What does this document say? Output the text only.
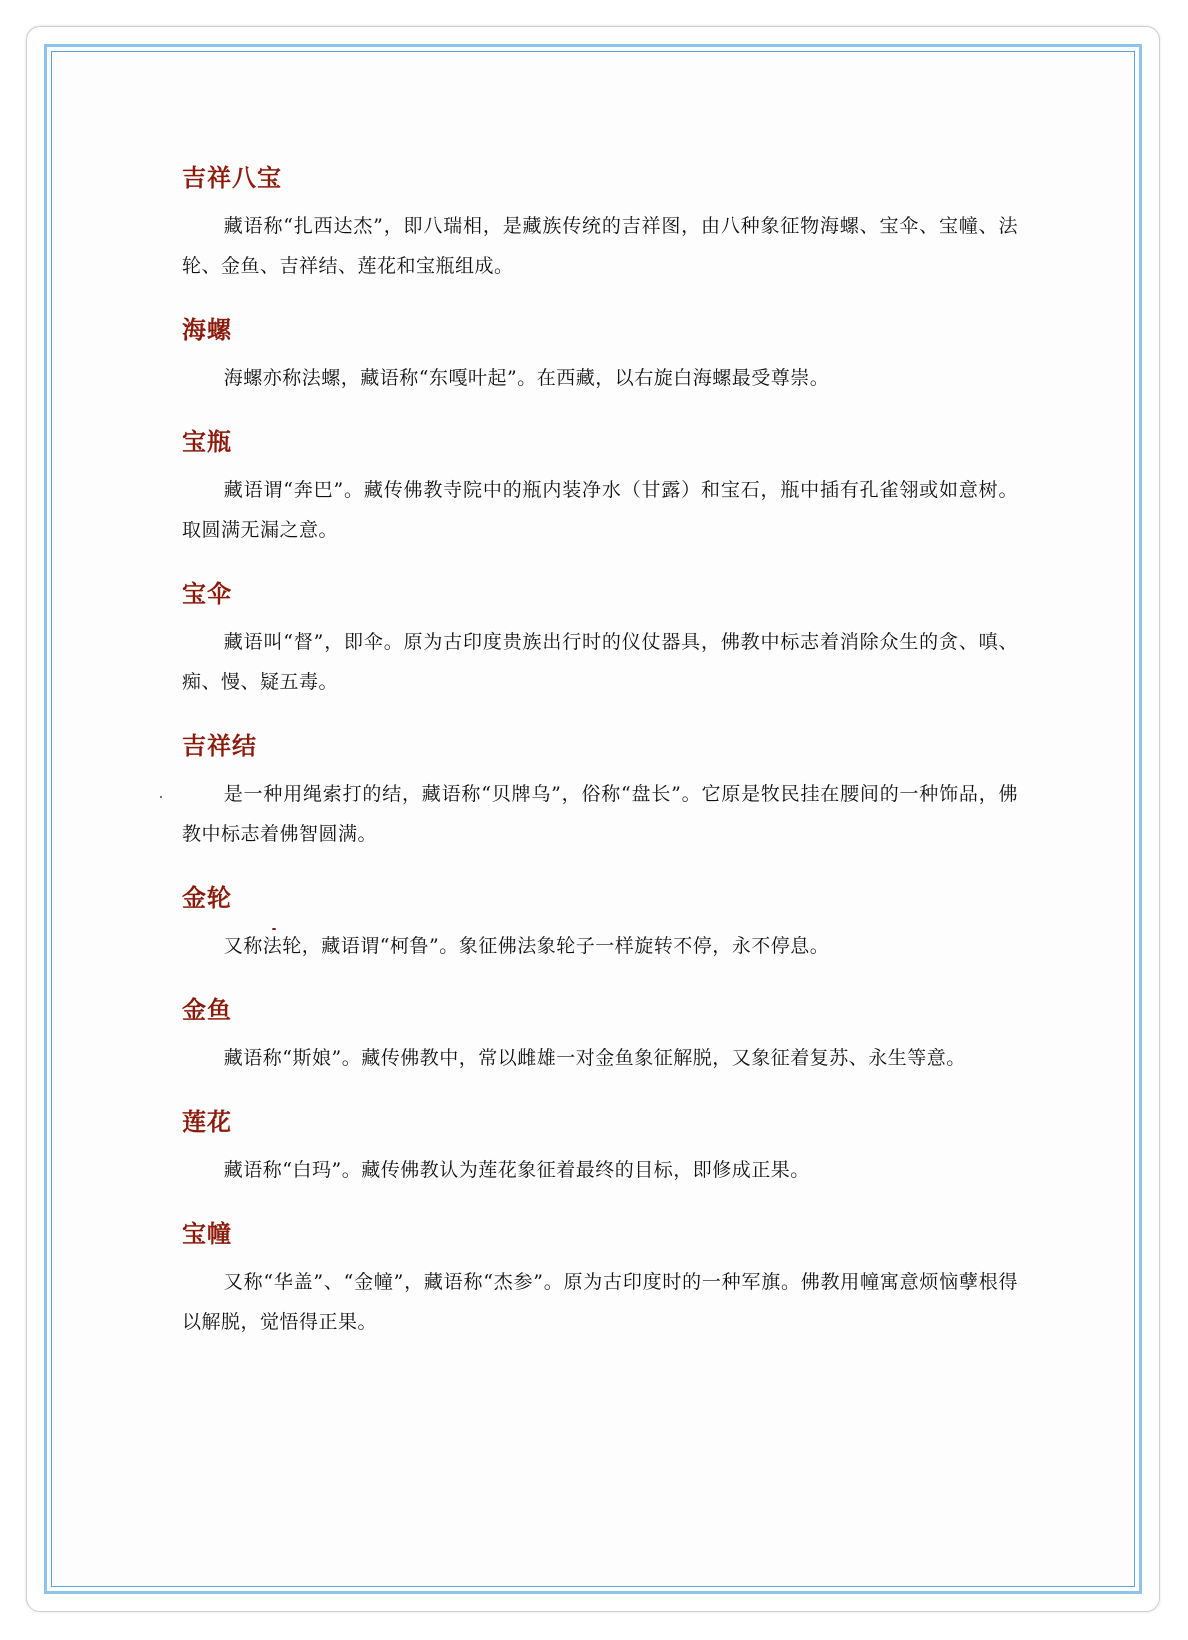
吉祥八宝

藏语称“扎西达杰”，即八瑞相，是藏族传统的吉祥图，由八种象征物海螺、宝伞、宝幢、法轮、金鱼、吉祥结、莲花和宝瓶组成。

海螺

海螺亦称法螺，藏语称“东嘎叶起”。在西藏，以右旋白海螺最受尊崇。

宝瓶

藏语谓“奔巴”。藏传佛教寺院中的瓶内装净水（甘露）和宝石，瓶中插有孔雀翎或如意树。取圆满无漏之意。

宝伞

藏语叫“督”，即伞。原为古印度贵族出行时的仪仗器具，佛教中标志着消除众生的贪、嗔、痴、慢、疑五毒。

吉祥结

是一种用绳索打的结，藏语称“贝牌乌”，俗称“盘长”。它原是牧民挂在腰间的一种饰品，佛教中标志着佛智圆满。

金轮

又称法轮，藏语谓“柯鲁”。象征佛法象轮子一样旋转不停，永不停息。

金鱼

藏语称“斯娘”。藏传佛教中，常以雌雄一对金鱼象征解脱，又象征着复苏、永生等意。

莲花

藏语称“白玛”。藏传佛教认为莲花象征着最终的目标，即修成正果。

宝幢

又称“华盖”、“金幢”，藏语称“杰参”。原为古印度时的一种军旗。佛教用幢寓意烦恼孽根得以解脱，觉悟得正果。
